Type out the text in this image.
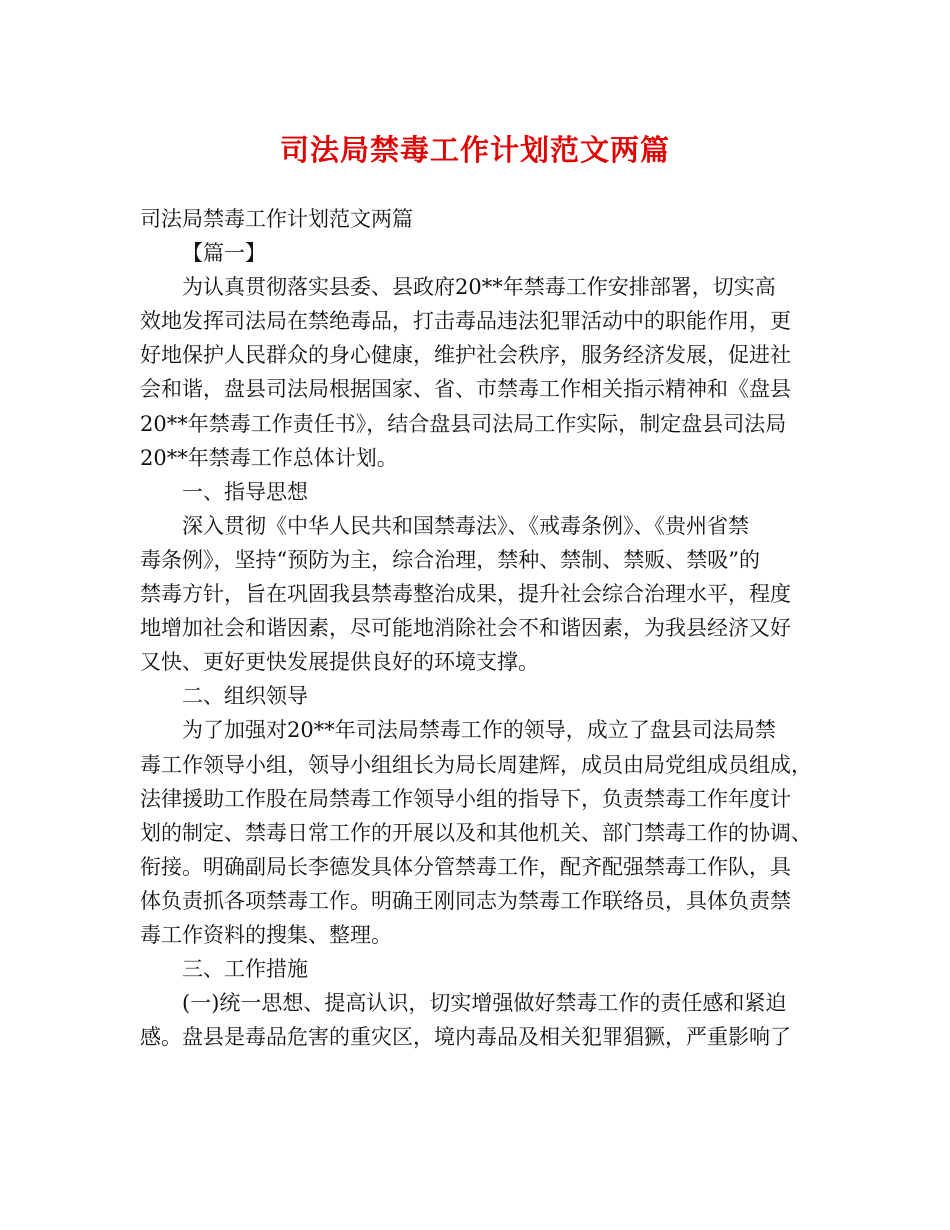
司法局禁毒工作计划范文两篇

司法局禁毒工作计划范文两篇

【篇一】

为认真贯彻落实县委、县政府20**年禁毒工作安排部署，切实高

效地发挥司法局在禁绝毒品，打击毒品违法犯罪活动中的职能作用，更

好地保护人民群众的身心健康，维护社会秩序，服务经济发展，促进社

会和谐，盘县司法局根据国家、省、市禁毒工作相关指示精神和《盘县

20**年禁毒工作责任书》，结合盘县司法局工作实际，制定盘县司法局

20**年禁毒工作总体计划。

一、指导思想

深入贯彻《中华人民共和国禁毒法》、《戒毒条例》、《贵州省禁

毒条例》，坚持“预防为主，综合治理，禁种、禁制、禁贩、禁吸”的

禁毒方针，旨在巩固我县禁毒整治成果，提升社会综合治理水平，程度

地增加社会和谐因素，尽可能地消除社会不和谐因素，为我县经济又好

又快、更好更快发展提供良好的环境支撑。

二、组织领导

为了加强对20**年司法局禁毒工作的领导，成立了盘县司法局禁

毒工作领导小组，领导小组组长为局长周建辉，成员由局党组成员组成，

法律援助工作股在局禁毒工作领导小组的指导下，负责禁毒工作年度计

划的制定、禁毒日常工作的开展以及和其他机关、部门禁毒工作的协调、

衔接。明确副局长李德发具体分管禁毒工作，配齐配强禁毒工作队，具

体负责抓各项禁毒工作。明确王刚同志为禁毒工作联络员，具体负责禁

毒工作资料的搜集、整理。

三、工作措施

(一)统一思想、提高认识，切实增强做好禁毒工作的责任感和紧迫

感。盘县是毒品危害的重灾区，境内毒品及相关犯罪猖獗，严重影响了
